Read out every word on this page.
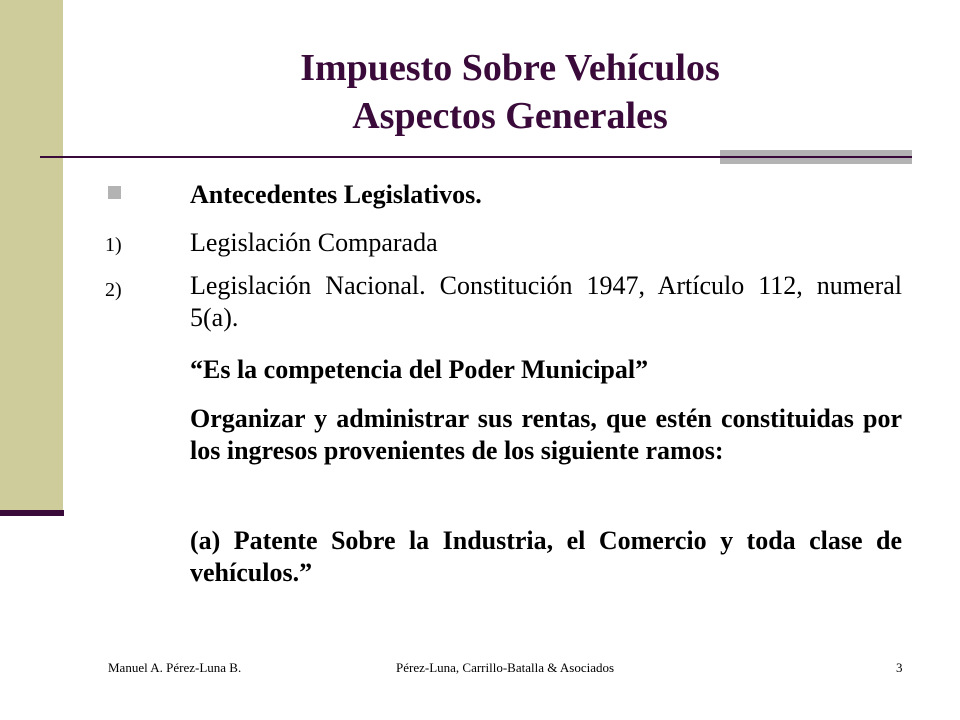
Impuesto Sobre Vehículos
Aspectos Generales
Antecedentes Legislativos.
1)	Legislación Comparada
2)	Legislación Nacional. Constitución 1947, Artículo 112, numeral 5(a).
“Es la competencia del Poder Municipal”
Organizar y administrar sus rentas, que estén constituidas por los ingresos provenientes de los siguiente ramos:
(a) Patente Sobre la Industria, el Comercio y toda clase de vehículos.”
Manuel A. Pérez-Luna B.	Pérez-Luna, Carrillo-Batalla & Asociados	3
